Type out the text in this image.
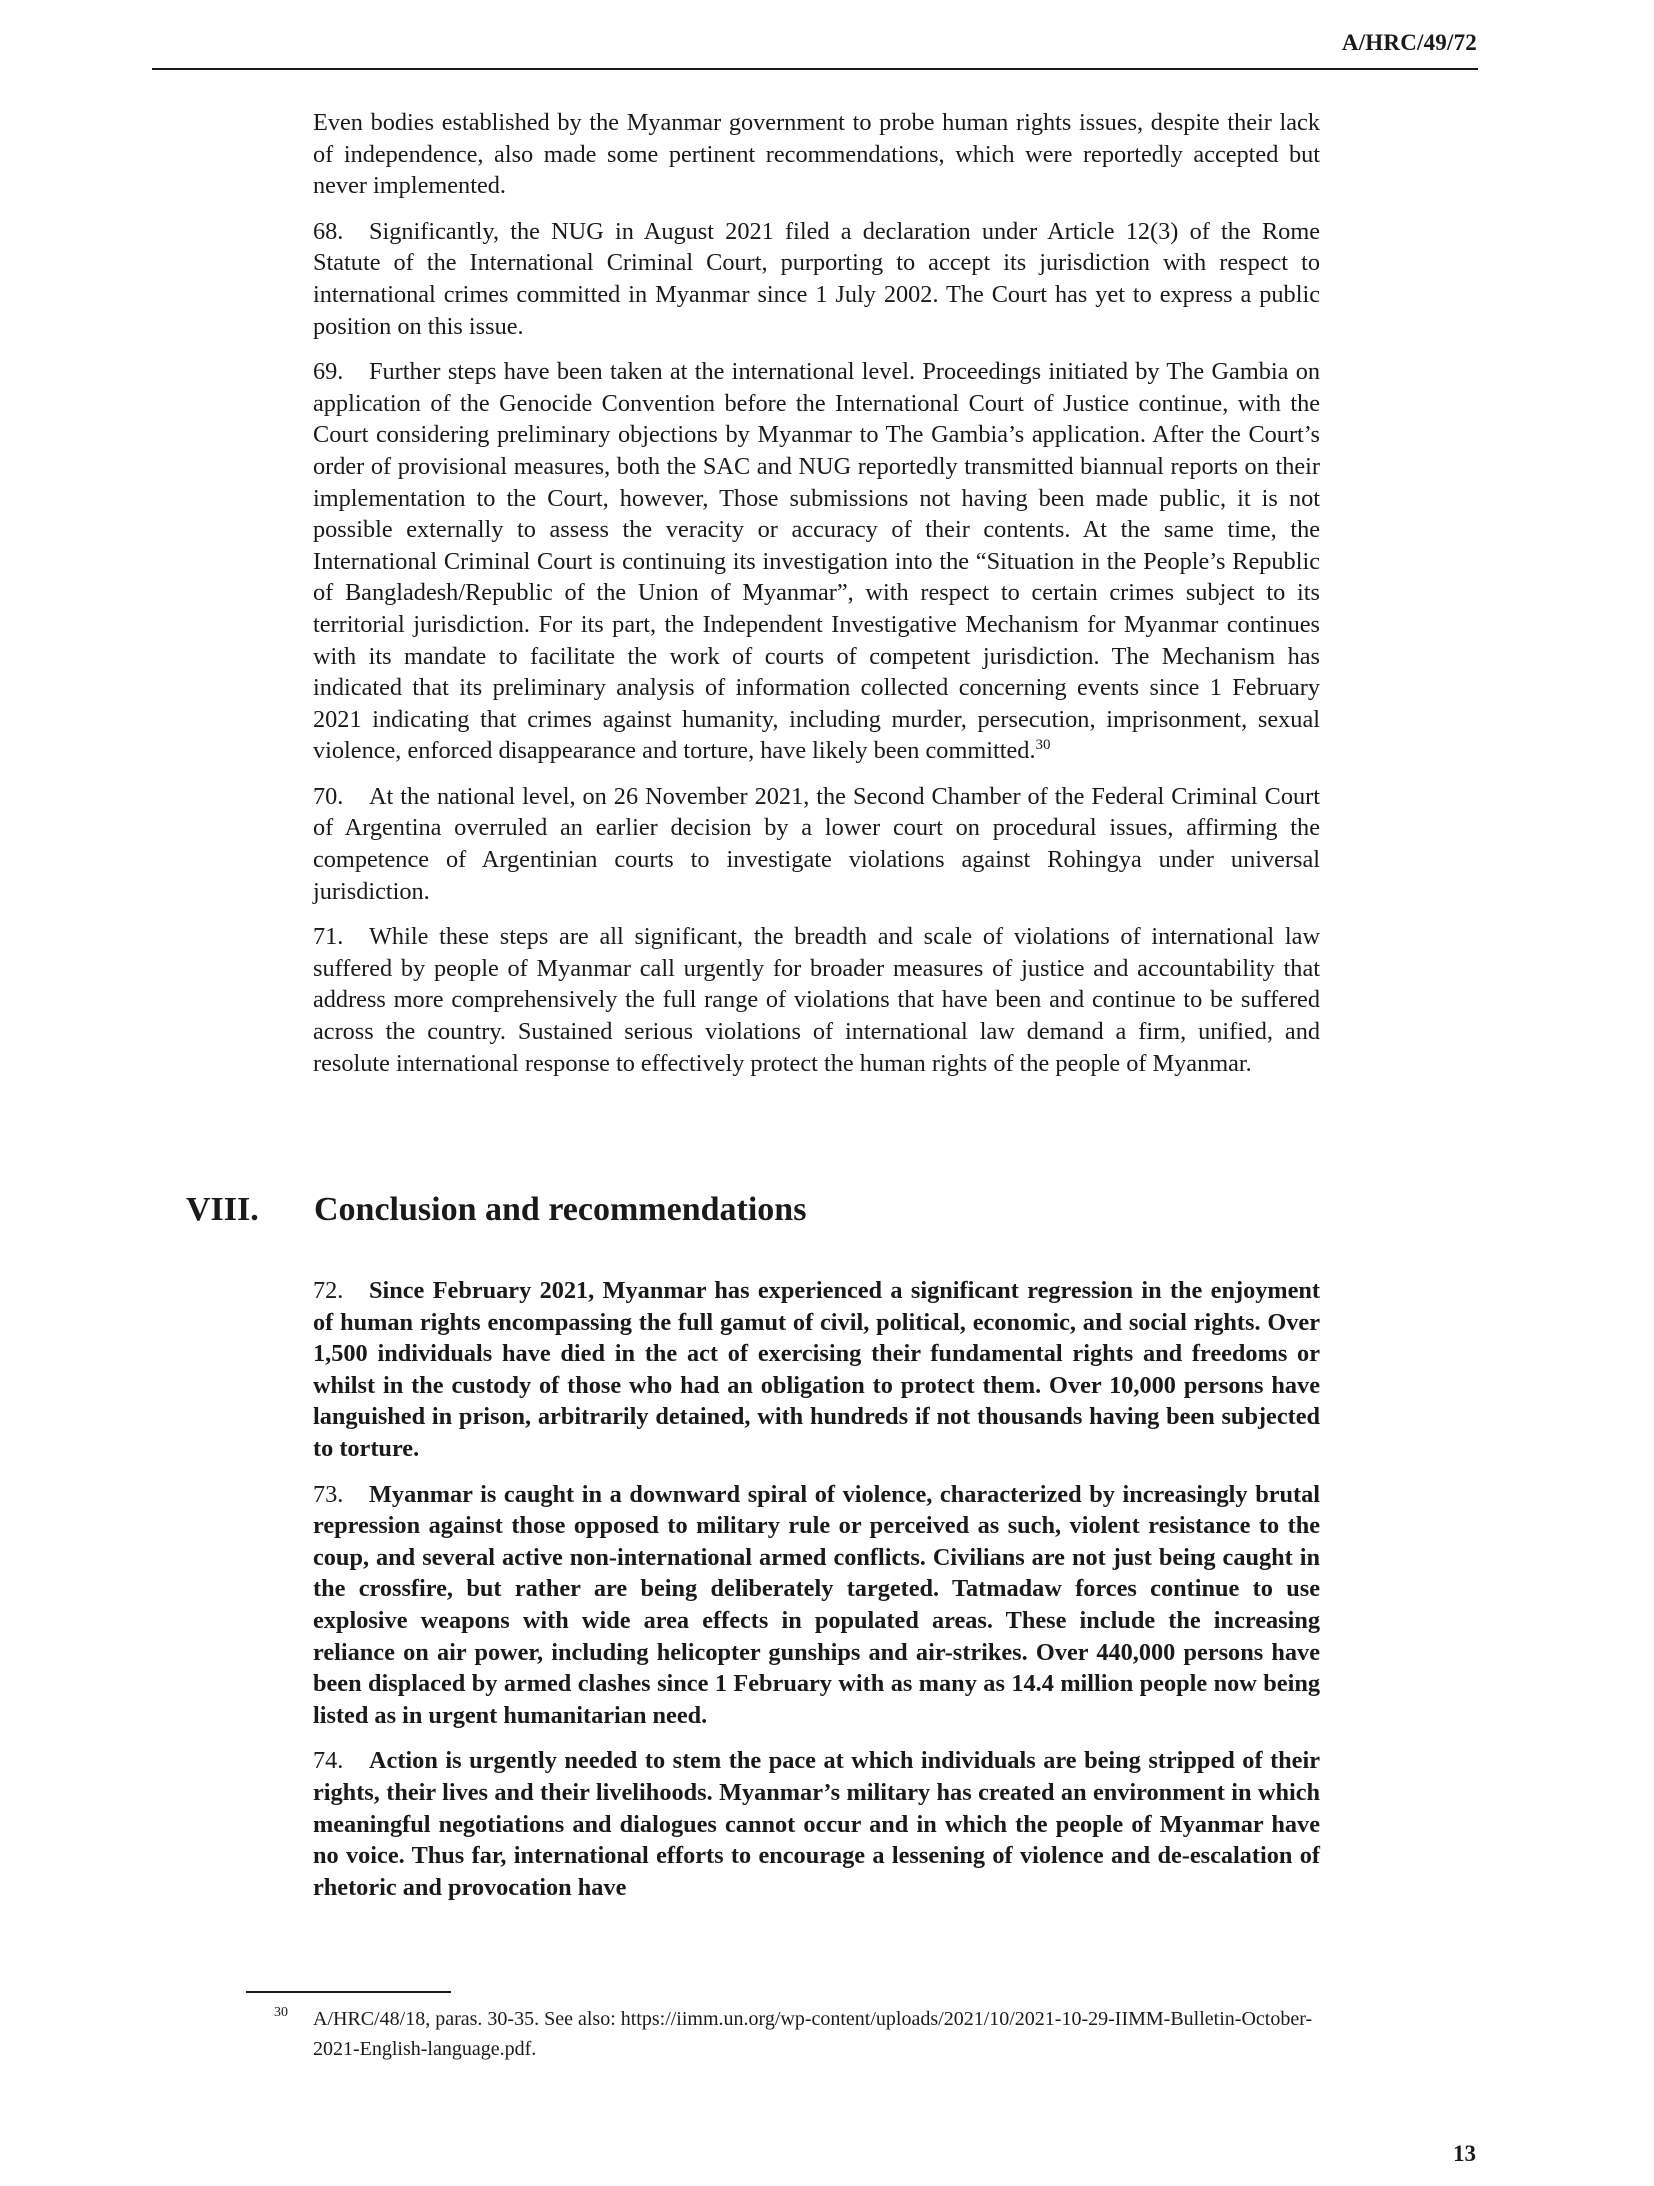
A/HRC/49/72

Even bodies established by the Myanmar government to probe human rights issues, despite their lack of independence, also made some pertinent recommendations, which were reportedly accepted but never implemented.

68. Significantly, the NUG in August 2021 filed a declaration under Article 12(3) of the Rome Statute of the International Criminal Court, purporting to accept its jurisdiction with respect to international crimes committed in Myanmar since 1 July 2002. The Court has yet to express a public position on this issue.

69. Further steps have been taken at the international level. Proceedings initiated by The Gambia on application of the Genocide Convention before the International Court of Justice continue, with the Court considering preliminary objections by Myanmar to The Gambia’s application. After the Court’s order of provisional measures, both the SAC and NUG reportedly transmitted biannual reports on their implementation to the Court, however, Those submissions not having been made public, it is not possible externally to assess the veracity or accuracy of their contents. At the same time, the International Criminal Court is continuing its investigation into the “Situation in the People’s Republic of Bangladesh/Republic of the Union of Myanmar”, with respect to certain crimes subject to its territorial jurisdiction. For its part, the Independent Investigative Mechanism for Myanmar continues with its mandate to facilitate the work of courts of competent jurisdiction. The Mechanism has indicated that its preliminary analysis of information collected concerning events since 1 February 2021 indicating that crimes against humanity, including murder, persecution, imprisonment, sexual violence, enforced disappearance and torture, have likely been committed.$^{30}$

70. At the national level, on 26 November 2021, the Second Chamber of the Federal Criminal Court of Argentina overruled an earlier decision by a lower court on procedural issues, affirming the competence of Argentinian courts to investigate violations against Rohingya under universal jurisdiction.

71. While these steps are all significant, the breadth and scale of violations of international law suffered by people of Myanmar call urgently for broader measures of justice and accountability that address more comprehensively the full range of violations that have been and continue to be suffered across the country. Sustained serious violations of international law demand a firm, unified, and resolute international response to effectively protect the human rights of the people of Myanmar.

VIII.	Conclusion and recommendations

72. Since February 2021, Myanmar has experienced a significant regression in the enjoyment of human rights encompassing the full gamut of civil, political, economic, and social rights. Over 1,500 individuals have died in the act of exercising their fundamental rights and freedoms or whilst in the custody of those who had an obligation to protect them. Over 10,000 persons have languished in prison, arbitrarily detained, with hundreds if not thousands having been subjected to torture.

73. Myanmar is caught in a downward spiral of violence, characterized by increasingly brutal repression against those opposed to military rule or perceived as such, violent resistance to the coup, and several active non-international armed conflicts. Civilians are not just being caught in the crossfire, but rather are being deliberately targeted. Tatmadaw forces continue to use explosive weapons with wide area effects in populated areas. These include the increasing reliance on air power, including helicopter gunships and air-strikes. Over 440,000 persons have been displaced by armed clashes since 1 February with as many as 14.4 million people now being listed as in urgent humanitarian need.

74. Action is urgently needed to stem the pace at which individuals are being stripped of their rights, their lives and their livelihoods. Myanmar’s military has created an environment in which meaningful negotiations and dialogues cannot occur and in which the people of Myanmar have no voice. Thus far, international efforts to encourage a lessening of violence and de-escalation of rhetoric and provocation have

30 A/HRC/48/18, paras. 30-35. See also: https://iimm.un.org/wp-content/uploads/2021/10/2021-10-29-IIMM-Bulletin-October-2021-English-language.pdf.
13
